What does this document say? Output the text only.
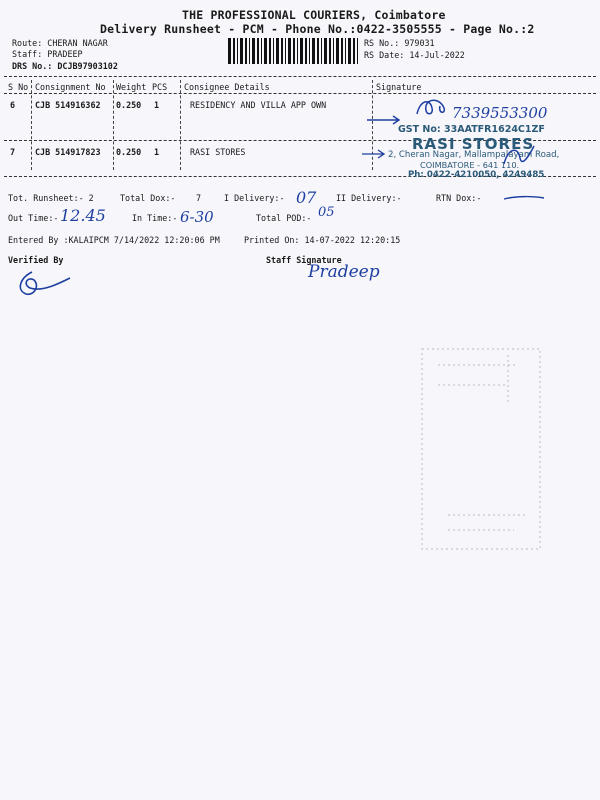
THE PROFESSIONAL COURIERS, Coimbatore
Delivery Runsheet - PCM - Phone No.:0422-3505555 - Page No.:2
Route: CHERAN NAGAR
Staff: PRADEEP
DRS No.: DCJB97903102
RS No.: 979031
RS Date: 14-Jul-2022
S No Consignment No Weight PCS Consignee Details	Signature
6 CJB 514916362 0.250 1	RESIDENCY AND VILLA APP OWN
7 CJB 514917823 0.250 1	RASI STORES
7339553300
GST No: 33AATFR1624C1ZF
RASI STORES
2, Cheran Nagar, Mallampalayam Road,
COIMBATORE - 641 110.
Ph: 0422-4210050, 4249485
Tot. Runsheet:- 2	Total Dox:- 7	I Delivery:- 07 II Delivery:-	RTN Dox:-
Out Time:- 12.45	In Time:- 6-30	Total POD:- 05
Entered By :KALAIPCM 7/14/2022 12:20:06 PM	Printed On: 14-07-2022 12:20:15
Verified By	Staff Signature
Pradeep
